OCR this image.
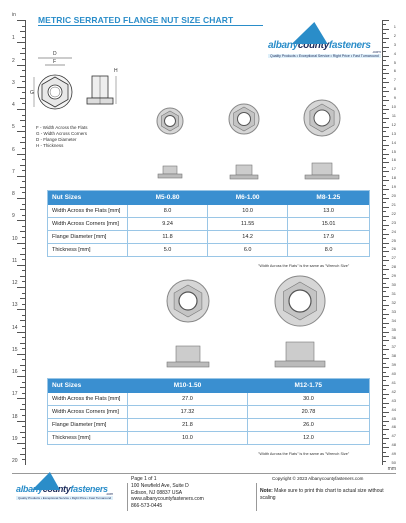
in
1
2
3
4
5
6
7
8
9
10
11
12
13
14
15
16
17
18
19
20
mm
1
2
3
4
5
6
7
8
9
10
11
12
13
14
15
16
17
18
19
20
21
22
23
24
25
26
27
28
29
30
31
32
33
34
35
36
37
38
39
40
41
42
43
44
45
46
47
48
49
50
METRIC SERRATED FLANGE NUT SIZE CHART
albanycountyfasteners
.com
Quality Products • Exceptional Service • Right Price • Fast Turnaround
D
F
G
H
F - Width Across the Flats
G - Width Across Corners
D - Flange Diameter
H - Thickness
Nut Sizes	M5-0.80	M6-1.00	M8-1.25
Width Across the Flats [mm]	8.0	10.0	13.0
Width Across Corners [mm]	9.24	11.55	15.01
Flange Diameter [mm]	11.8	14.2	17.9
Thickness [mm]	5.0	6.0	8.0
"Width Across the Flats" is the same as "Wrench Size"
Nut Sizes	M10-1.50	M12-1.75
Width Across the Flats [mm]	27.0	30.0
Width Across Corners [mm]	17.32	20.78
Flange Diameter [mm]	21.8	26.0
Thickness [mm]	10.0	12.0
"Width Across the Flats" is the same as "Wrench Size"
albanycountyfasteners
.com
Quality Products • Exceptional Service • Right Price • Fast Turnaround
Page 1 of 1
100 Newfield Ave, Suite D
Edison, NJ 08837 USA
www.albanycountyfasteners.com
866-573-0445
Copyright © 2023 Albanycountyfasteners.com
Note: Make sure to print this chart to actual size without scaling
